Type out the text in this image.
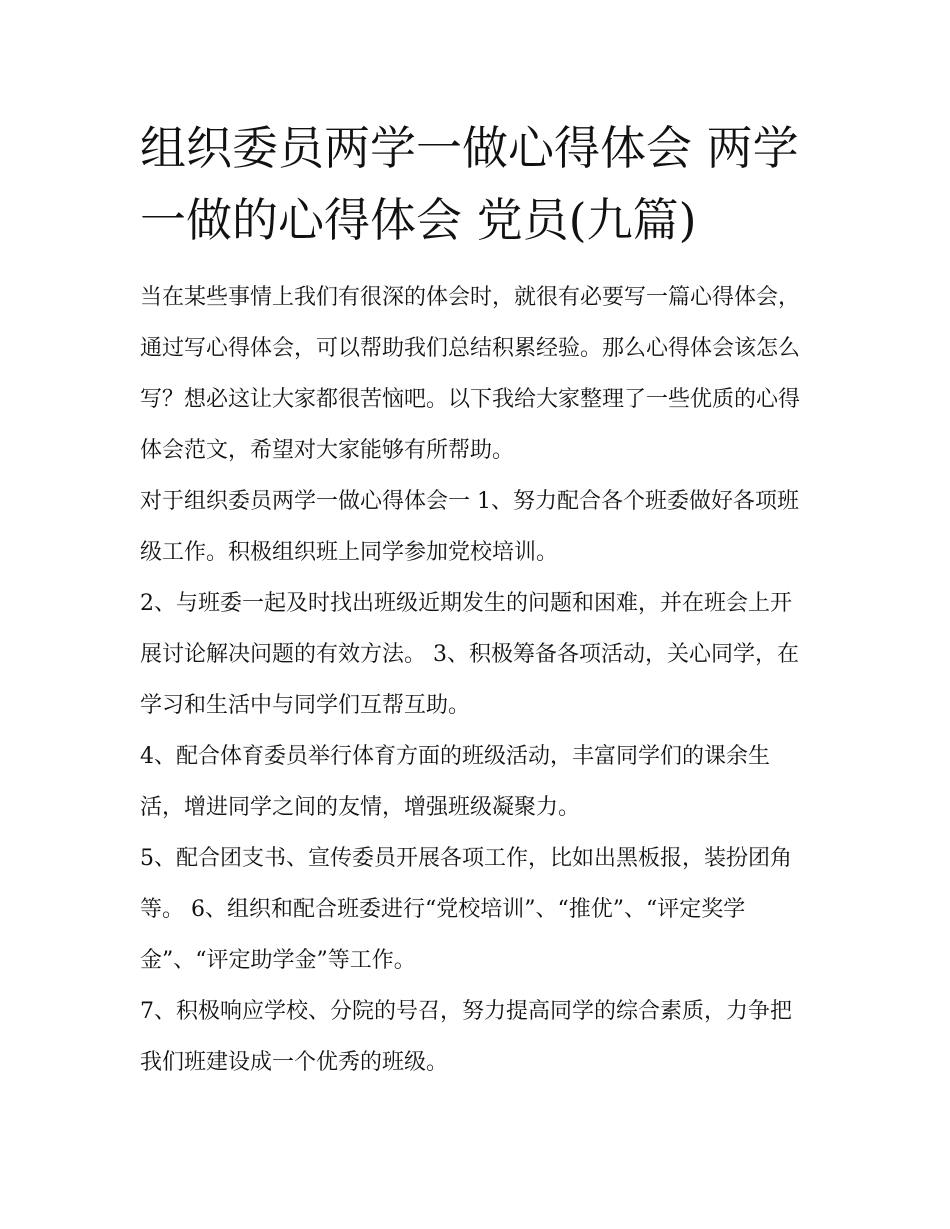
组织委员两学一做心得体会 两学一做的心得体会 党员(九篇)

当在某些事情上我们有很深的体会时，就很有必要写一篇心得体会，通过写心得体会，可以帮助我们总结积累经验。那么心得体会该怎么写？想必这让大家都很苦恼吧。以下我给大家整理了一些优质的心得体会范文，希望对大家能够有所帮助。

对于组织委员两学一做心得体会一 1、努力配合各个班委做好各项班级工作。积极组织班上同学参加党校培训。

2、与班委一起及时找出班级近期发生的问题和困难，并在班会上开展讨论解决问题的有效方法。 3、积极筹备各项活动，关心同学，在学习和生活中与同学们互帮互助。

4、配合体育委员举行体育方面的班级活动，丰富同学们的课余生活，增进同学之间的友情，增强班级凝聚力。

5、配合团支书、宣传委员开展各项工作，比如出黑板报，装扮团角等。 6、组织和配合班委进行“党校培训”、“推优”、“评定奖学金”、“评定助学金”等工作。

7、积极响应学校、分院的号召，努力提高同学的综合素质，力争把我们班建设成一个优秀的班级。
